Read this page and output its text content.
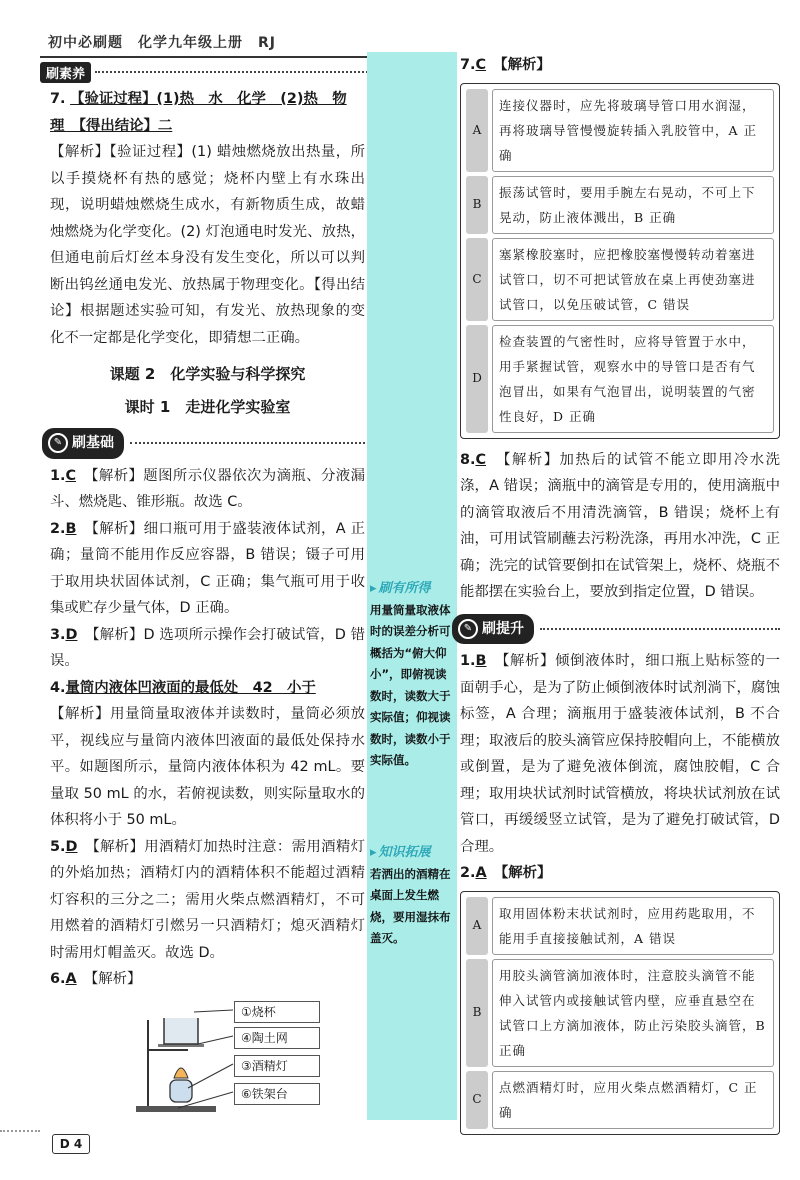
初中必刷题　化学九年级上册　RJ
刷素养
▸ 刷有所得
用量筒量取液体时的误差分析可概括为“俯大仰小”，即俯视读数时，读数大于实际值；仰视读数时，读数小于实际值。
▸ 知识拓展
若洒出的酒精在桌面上发生燃烧，要用湿抹布盖灭。

7. 【验证过程】(1)热　水　化学　(2)热　物

理　【得出结论】二

【解析】【验证过程】(1) 蜡烛燃烧放出热量，所以手摸烧杯有热的感觉；烧杯内壁上有水珠出现，说明蜡烛燃烧生成水，有新物质生成，故蜡烛燃烧为化学变化。(2) 灯泡通电时发光、放热，但通电前后灯丝本身没有发生变化，所以可以判断出钨丝通电发光、放热属于物理变化。【得出结论】根据题述实验可知，有发光、放热现象的变化不一定都是化学变化，即猜想二正确。

课题 2　化学实验与科学探究
课时 1　走进化学实验室
✎ 刷基础

1.C　 【解析】题图所示仪器依次为滴瓶、分液漏斗、燃烧匙、锥形瓶。故选 C。

2.B　 【解析】细口瓶可用于盛装液体试剂，A 正确；量筒不能用作反应容器，B 错误；镊子可用于取用块状固体试剂，C 正确；集气瓶可用于收集或贮存少量气体，D 正确。

3.D　 【解析】D 选项所示操作会打破试管，D 错误。

4.量筒内液体凹液面的最低处　42　小于

【解析】用量筒量取液体并读数时，量筒必须放平，视线应与量筒内液体凹液面的最低处保持水平。如题图所示，量筒内液体体积为 42 mL。要量取 50 mL 的水，若俯视读数，则实际量取水的体积将小于 50 mL。

5.D　 【解析】用酒精灯加热时注意：需用酒精灯的外焰加热；酒精灯内的酒精体积不能超过酒精灯容积的三分之二；需用火柴点燃酒精灯，不可用燃着的酒精灯引燃另一只酒精灯；熄灭酒精灯时需用灯帽盖灭。故选 D。

6.A　 【解析】

①烧杯
④陶土网
③酒精灯
⑥铁架台

7.C　 【解析】

A
连接仪器时，应先将玻璃导管口用水润湿，再将玻璃导管慢慢旋转插入乳胶管中，A 正确
B
振荡试管时，要用手腕左右晃动，不可上下晃动，防止液体溅出，B 正确
C
塞紧橡胶塞时，应把橡胶塞慢慢转动着塞进试管口，切不可把试管放在桌上再使劲塞进试管口，以免压破试管，C 错误
D
检查装置的气密性时，应将导管置于水中，用手紧握试管，观察水中的导管口是否有气泡冒出，如果有气泡冒出，说明装置的气密性良好，D 正确

8.C　 【解析】加热后的试管不能立即用冷水洗涤，A 错误；滴瓶中的滴管是专用的，使用滴瓶中的滴管取液后不用清洗滴管，B 错误；烧杯上有油，可用试管刷蘸去污粉洗涤，再用水冲洗，C 正确；洗完的试管要倒扣在试管架上，烧杯、烧瓶不能都摆在实验台上，要放到指定位置，D 错误。

✎ 刷提升

1.B　 【解析】倾倒液体时，细口瓶上贴标签的一面朝手心，是为了防止倾倒液体时试剂淌下，腐蚀标签，A 合理；滴瓶用于盛装液体试剂，B 不合理；取液后的胶头滴管应保持胶帽向上，不能横放或倒置，是为了避免液体倒流，腐蚀胶帽，C 合理；取用块状试剂时试管横放，将块状试剂放在试管口，再缓缓竖立试管，是为了避免打破试管，D 合理。

2.A　 【解析】

A
取用固体粉末状试剂时，应用药匙取用，不能用手直接接触试剂，A 错误
B
用胶头滴管滴加液体时，注意胶头滴管不能伸入试管内或接触试管内壁，应垂直悬空在试管口上方滴加液体，防止污染胶头滴管，B 正确
C
点燃酒精灯时，应用火柴点燃酒精灯，C 正确
D 4
